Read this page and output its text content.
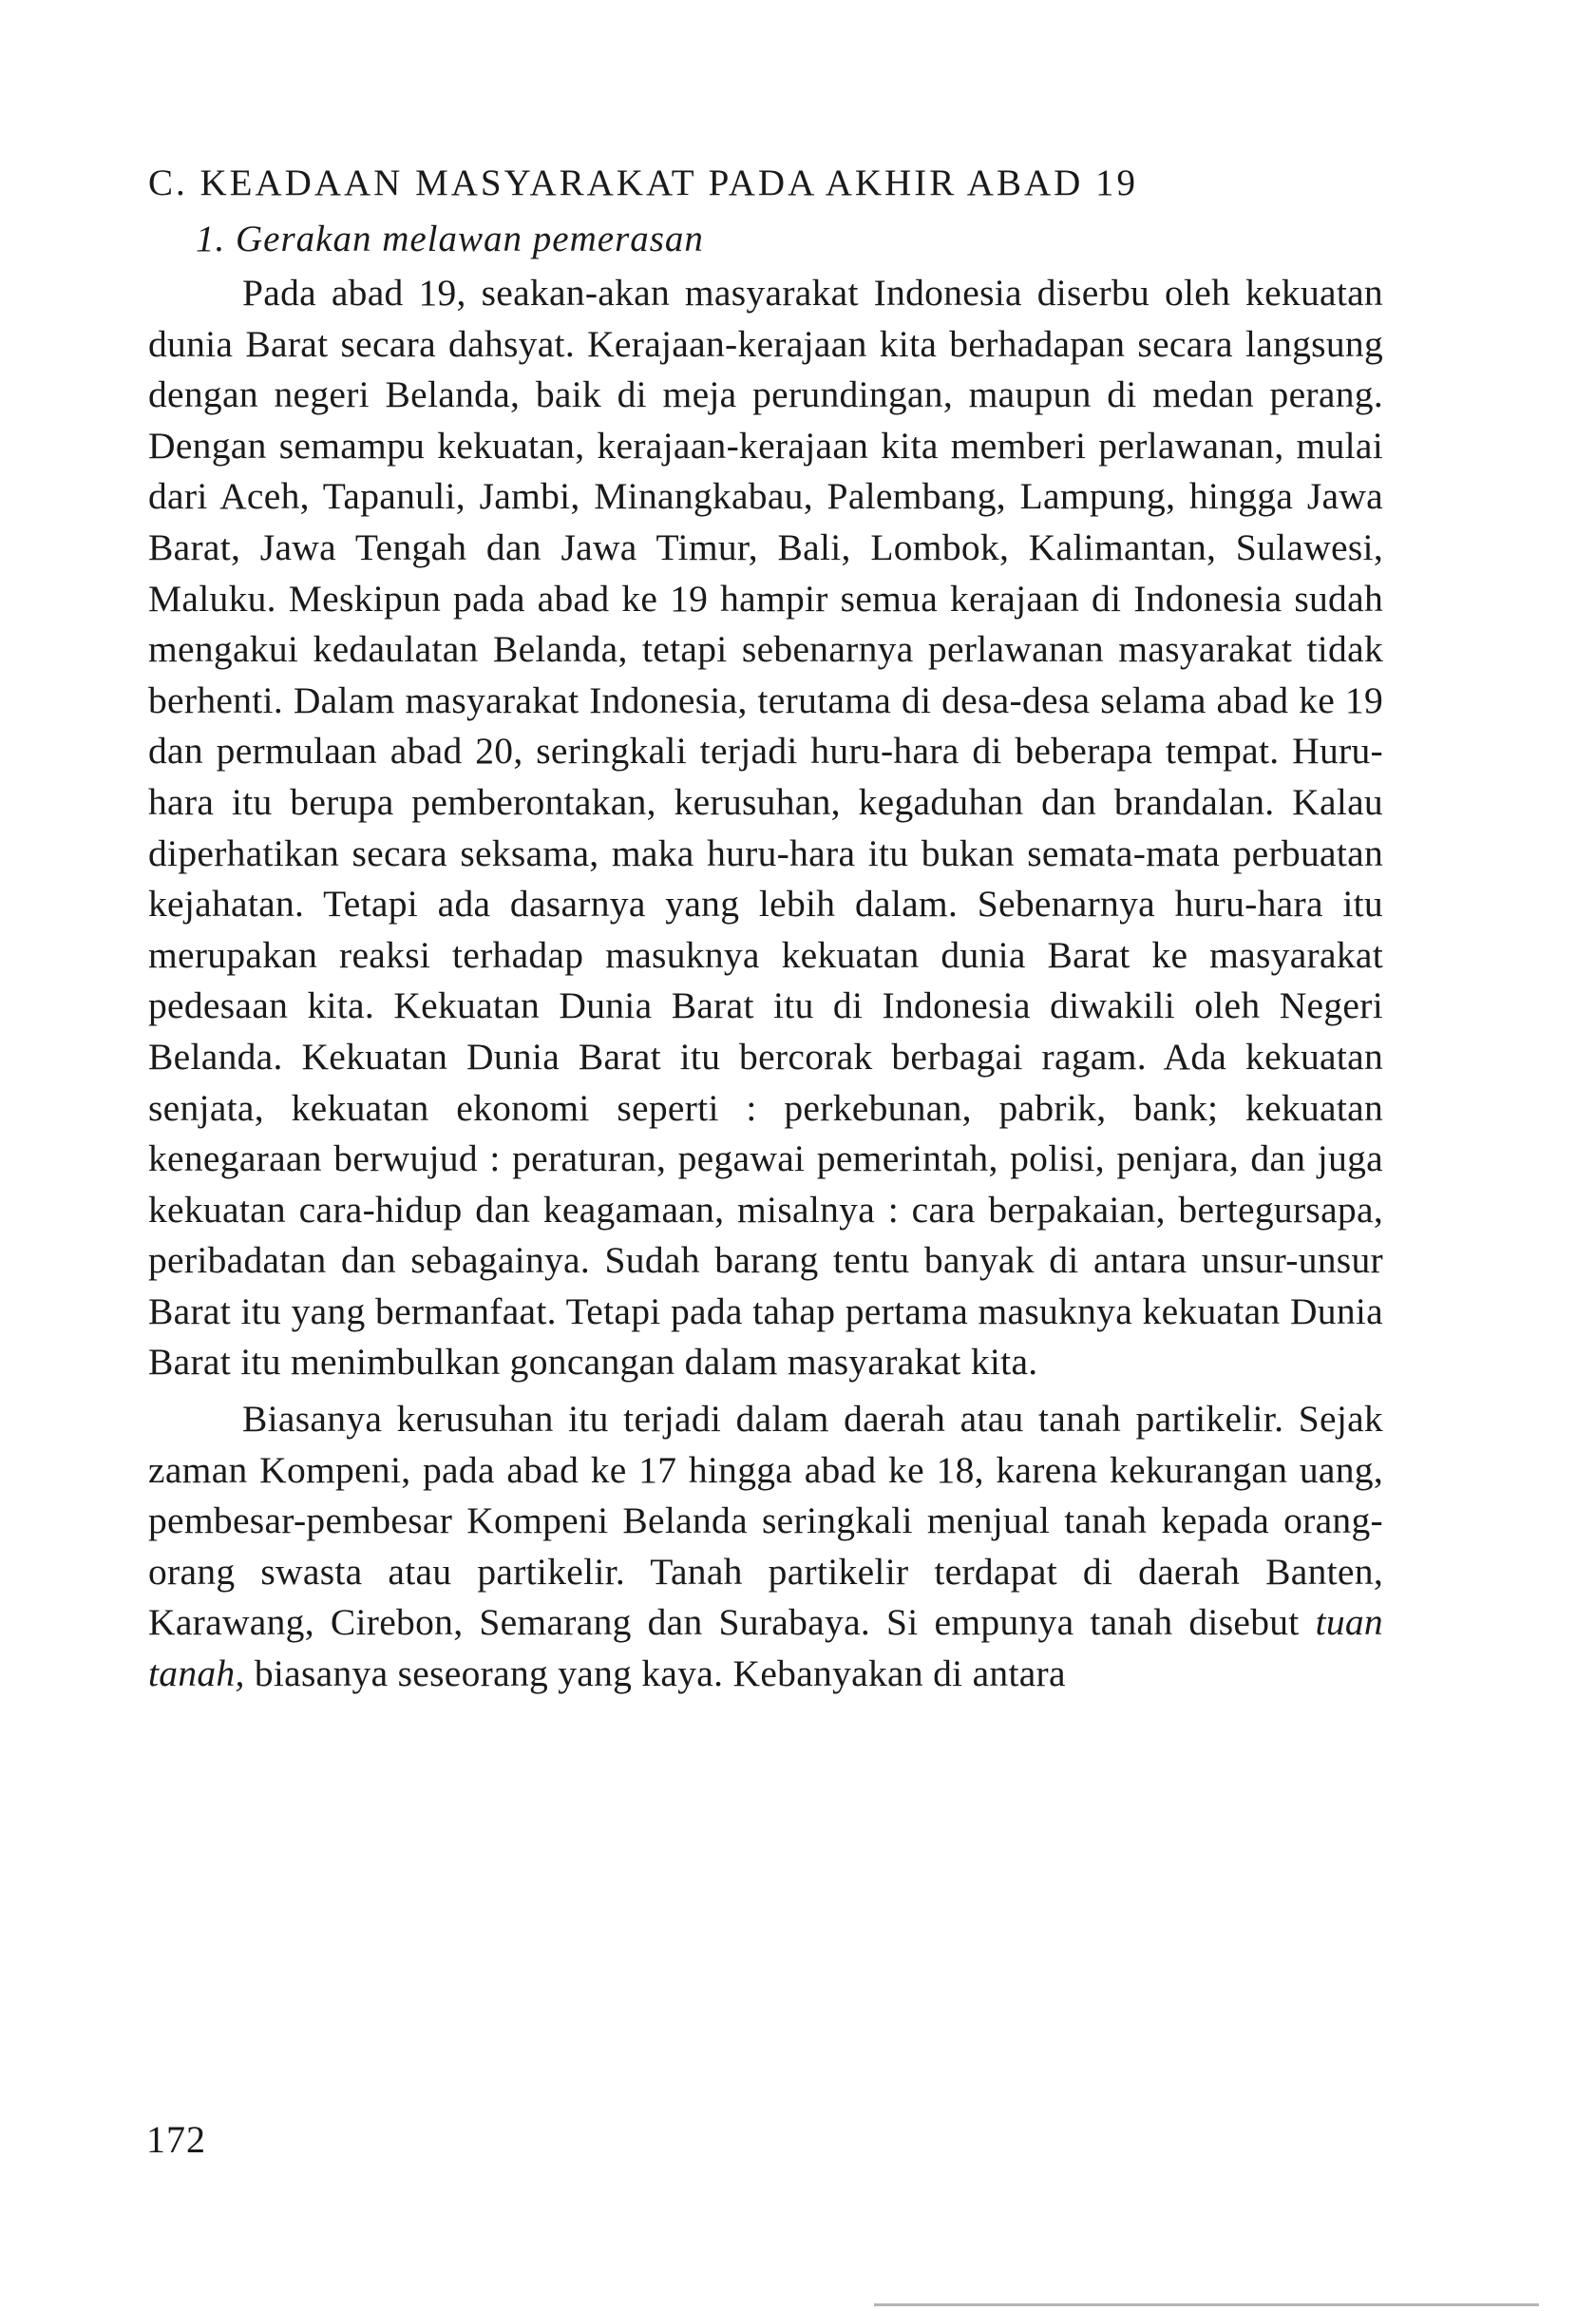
C. KEADAAN MASYARAKAT PADA AKHIR ABAD 19
1. Gerakan melawan pemerasan

Pada abad 19, seakan-akan masyarakat Indonesia diserbu oleh kekuatan dunia Barat secara dahsyat. Kerajaan-kerajaan kita berhadapan secara langsung dengan negeri Belanda, baik di meja perundingan, maupun di medan perang. Dengan semampu kekuatan, kerajaan-kerajaan kita memberi perlawanan, mulai dari Aceh, Tapanuli, Jambi, Minangkabau, Palembang, Lampung, hingga Jawa Barat, Jawa Tengah dan Jawa Timur, Bali, Lombok, Kalimantan, Sulawesi, Maluku. Meskipun pada abad ke 19 hampir semua kerajaan di Indonesia sudah mengakui kedaulatan Belanda, tetapi sebenarnya perlawanan masyarakat tidak berhenti. Dalam masyarakat Indonesia, terutama di desa-desa selama abad ke 19 dan permulaan abad 20, seringkali terjadi huru-hara di beberapa tempat. Huru-hara itu berupa pemberontakan, kerusuhan, kegaduhan dan brandalan. Kalau diperhatikan secara seksama, maka huru-hara itu bukan semata-mata perbuatan kejahatan. Tetapi ada dasarnya yang lebih dalam. Sebenarnya huru-hara itu merupakan reaksi terhadap masuknya kekuatan dunia Barat ke masyarakat pedesaan kita. Kekuatan Dunia Barat itu di Indonesia diwakili oleh Negeri Belanda. Kekuatan Dunia Barat itu bercorak berbagai ragam. Ada kekuatan senjata, kekuatan ekonomi seperti : perkebunan, pabrik, bank; kekuatan kenegaraan berwujud : peraturan, pegawai pemerintah, polisi, penjara, dan juga kekuatan cara-hidup dan keagamaan, misalnya : cara berpakaian, bertegursapa, peribadatan dan sebagainya. Sudah barang tentu banyak di antara unsur-unsur Barat itu yang bermanfaat. Tetapi pada tahap pertama masuknya kekuatan Dunia Barat itu menimbulkan goncangan dalam masyarakat kita.

Biasanya kerusuhan itu terjadi dalam daerah atau tanah partikelir. Sejak zaman Kompeni, pada abad ke 17 hingga abad ke 18, karena kekurangan uang, pembesar-pembesar Kompeni Belanda seringkali menjual tanah kepada orang-orang swasta atau partikelir. Tanah partikelir terdapat di daerah Banten, Karawang, Cirebon, Semarang dan Surabaya. Si empunya tanah disebut tuan tanah, biasanya seseorang yang kaya. Kebanyakan di antara

172
